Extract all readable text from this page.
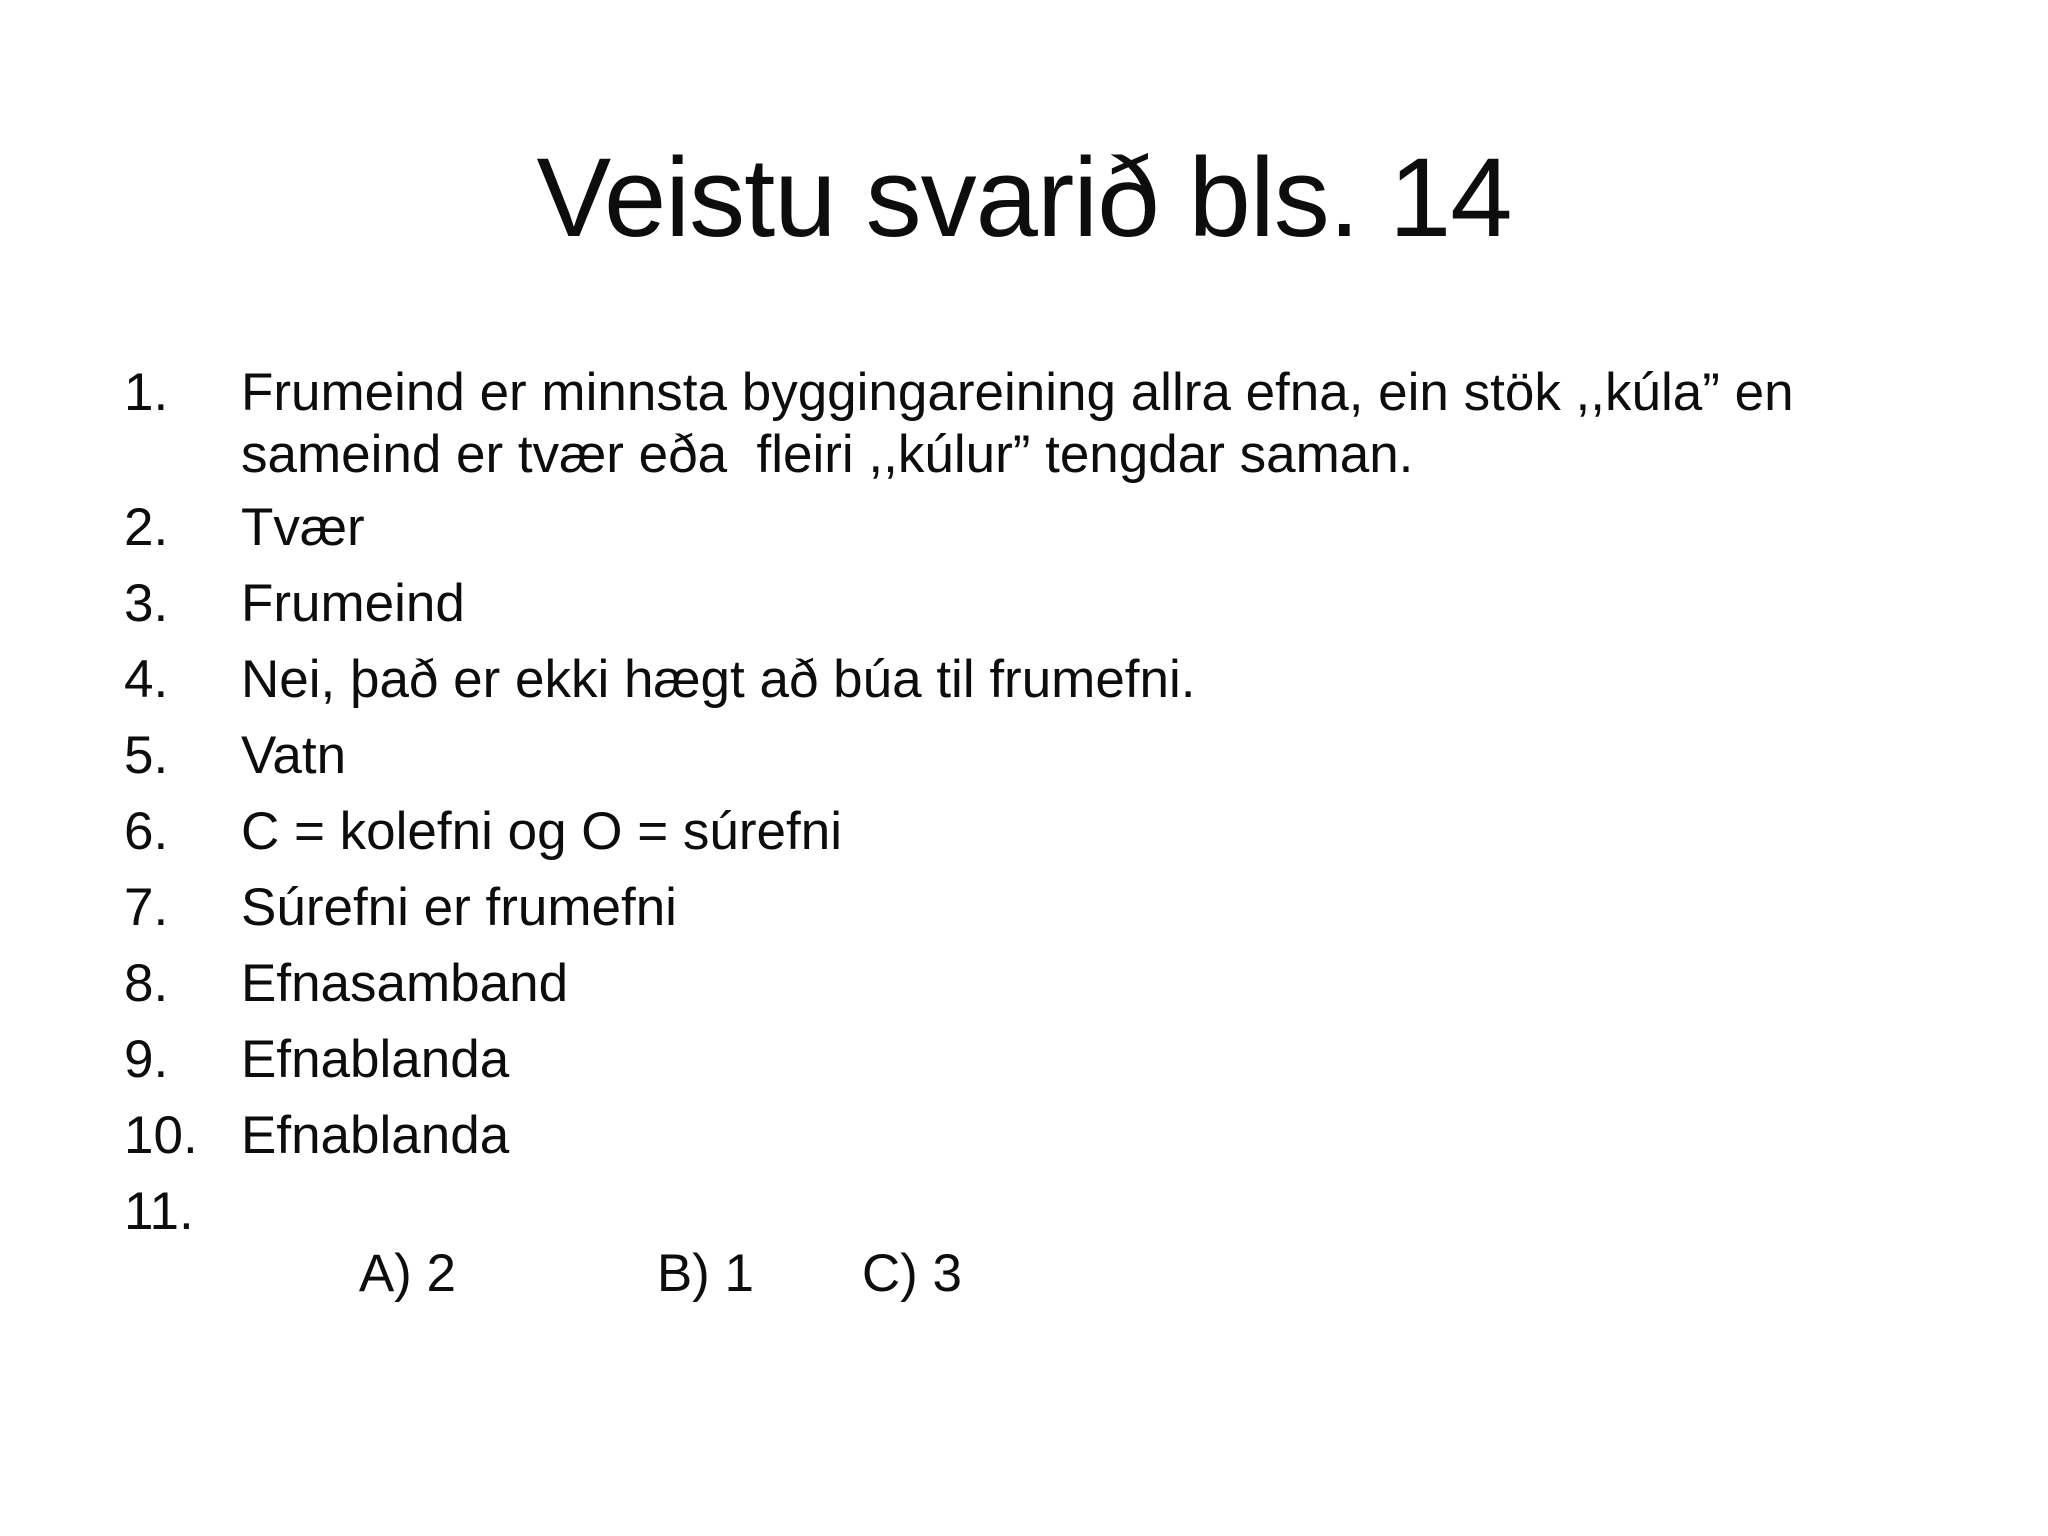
Veistu svarið bls. 14
1.	Frumeind er minnsta byggingareining allra efna, ein stök ,,kúla” en sameind er tvær eða  fleiri ,,kúlur” tengdar saman.
2.	Tvær
3.	Frumeind
4.	Nei, það er ekki hægt að búa til frumefni.
5.	Vatn
6.	C = kolefni og O = súrefni
7.	Súrefni er frumefni
8.	Efnasamband
9.	Efnablanda
10. Efnablanda
11.

A) 2	B) 1 C) 3
